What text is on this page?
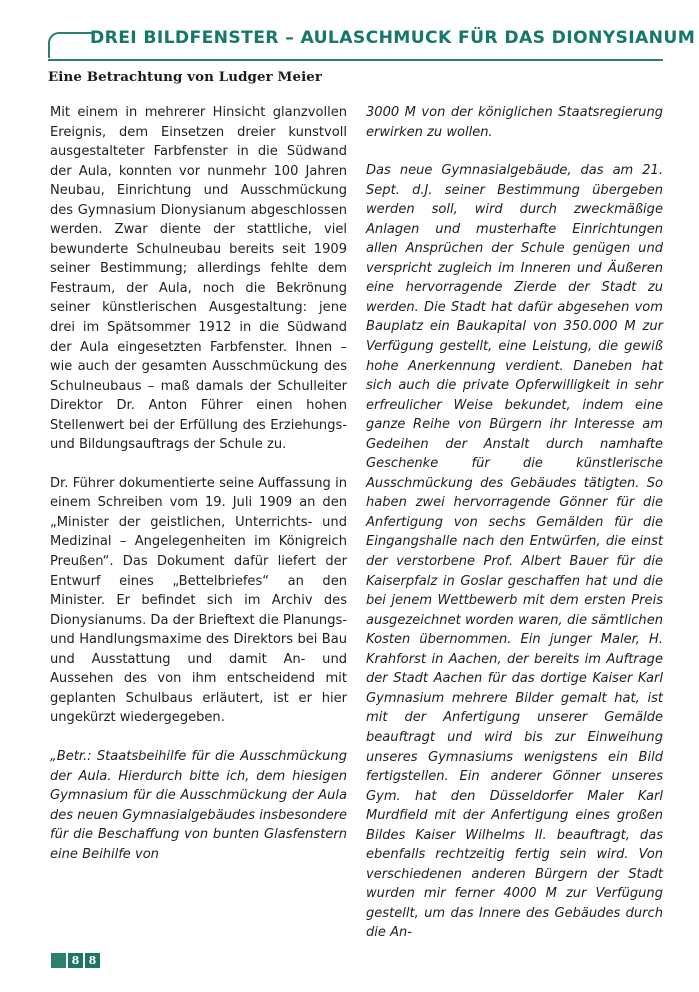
DREI BILDFENSTER – AULASCHMUCK FÜR DAS DIONYSIANUM
Eine Betrachtung von Ludger Meier

Mit einem in mehrerer Hinsicht glanzvollen Ereignis, dem Einsetzen dreier kunstvoll ausgestalteter Farbfenster in die Südwand der Aula, konnten vor nunmehr 100 Jahren Neubau, Einrichtung und Ausschmückung des Gymnasium Dionysianum abgeschlossen werden. Zwar diente der stattliche, viel bewunderte Schulneubau bereits seit 1909 seiner Bestimmung; allerdings fehlte dem Festraum, der Aula, noch die Bekrönung seiner künstlerischen Ausgestaltung: jene drei im Spätsommer 1912 in die Südwand der Aula eingesetzten Farbfenster. Ihnen – wie auch der gesamten Ausschmückung des Schulneubaus – maß damals der Schulleiter Direktor Dr. Anton Führer einen hohen Stellenwert bei der Erfüllung des Erziehungs- und Bildungsauftrags der Schule zu.

Dr. Führer dokumentierte seine Auffassung in einem Schreiben vom 19. Juli 1909 an den „Minister der geistlichen, Unterrichts- und Medizinal – Angelegenheiten im Königreich Preußen“. Das Dokument dafür liefert der Entwurf eines „Bettelbriefes“ an den Minister. Er befindet sich im Archiv des Dionysianums. Da der Brieftext die Planungs- und Handlungsmaxime des Direktors bei Bau und Ausstattung und damit An- und Aussehen des von ihm entscheidend mit geplanten Schulbaus erläutert, ist er hier ungekürzt wiedergegeben.

„Betr.: Staatsbeihilfe für die Ausschmückung der Aula. Hierdurch bitte ich, dem hiesigen Gymnasium für die Ausschmückung der Aula des neuen Gymnasialgebäudes insbesondere für die Beschaffung von bunten Glasfenstern eine Beihilfe von

3000 M von der königlichen Staatsregierung erwirken zu wollen.

Das neue Gymnasialgebäude, das am 21. Sept. d.J. seiner Bestimmung übergeben werden soll, wird durch zweckmäßige Anlagen und musterhafte Einrichtungen allen Ansprüchen der Schule genügen und verspricht zugleich im Inneren und Äußeren eine hervorragende Zierde der Stadt zu werden. Die Stadt hat dafür abgesehen vom Bauplatz ein Baukapital von 350.000 M zur Verfügung gestellt, eine Leistung, die gewiß hohe Anerkennung verdient. Daneben hat sich auch die private Opferwilligkeit in sehr erfreulicher Weise bekundet, indem eine ganze Reihe von Bürgern ihr Interesse am Gedeihen der Anstalt durch namhafte Geschenke für die künstlerische Ausschmückung des Gebäudes tätigten. So haben zwei hervorragende Gönner für die Anfertigung von sechs Gemälden für die Eingangshalle nach den Entwürfen, die einst der verstorbene Prof. Albert Bauer für die Kaiserpfalz in Goslar geschaffen hat und die bei jenem Wettbewerb mit dem ersten Preis ausgezeichnet worden waren, die sämtlichen Kosten übernommen. Ein junger Maler, H. Krahforst in Aachen, der bereits im Auftrage der Stadt Aachen für das dortige Kaiser Karl Gymnasium mehrere Bilder gemalt hat, ist mit der Anfertigung unserer Gemälde beauftragt und wird bis zur Einweihung unseres Gymnasiums wenigstens ein Bild fertigstellen. Ein anderer Gönner unseres Gym. hat den Düsseldorfer Maler Karl Murdfield mit der Anfertigung eines großen Bildes Kaiser Wilhelms II. beauftragt, das ebenfalls rechtzeitig fertig sein wird. Von verschiedenen anderen Bürgern der Stadt wurden mir ferner 4000 M zur Verfügung gestellt, um das Innere des Gebäudes durch die An-

8 8
